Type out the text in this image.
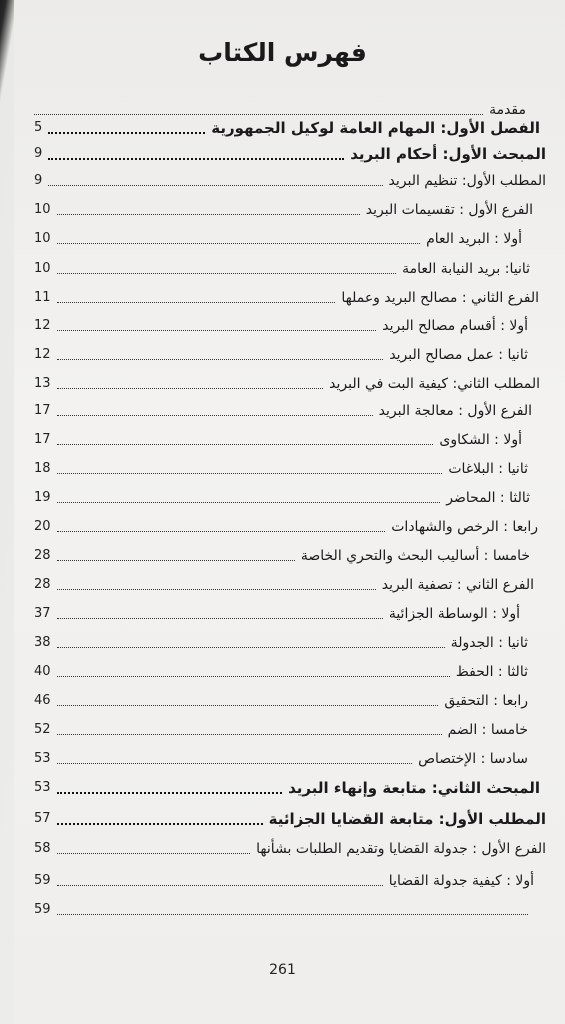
فهرس الكتاب
مقدمة
5	الفصل الأول: المهام العامة لوكيل الجمهورية
9	المبحث الأول: أحكام البريد
9	المطلب الأول: تنظيم البريد
10	الفرع الأول : تقسيمات البريد
10	أولا : البريد العام
10	ثانيا: بريد النيابة العامة
11	الفرع الثاني : مصالح البريد وعملها
12	أولا : أقسام مصالح البريد
12	ثانيا : عمل مصالح البريد
13	المطلب الثاني: كيفية البت في البريد
17	الفرع الأول : معالجة البريد
17	أولا : الشكاوى
18	ثانيا : البلاغات
19	ثالثا : المحاضر
20	رابعا : الرخص والشهادات
28	خامسا : أساليب البحث والتحري الخاصة
28	الفرع الثاني : تصفية البريد
37	أولا : الوساطة الجزائية
38	ثانيا : الجدولة
40	ثالثا : الحفظ
46	رابعا : التحقيق
52	خامسا : الضم
53	سادسا : الإختصاص
53	المبحث الثاني: متابعة وإنهاء البريد
57	المطلب الأول: متابعة القضايا الجزائية
58	الفرع الأول : جدولة القضايا وتقديم الطلبات بشأنها
59	أولا : كيفية جدولة القضايا
59
261
